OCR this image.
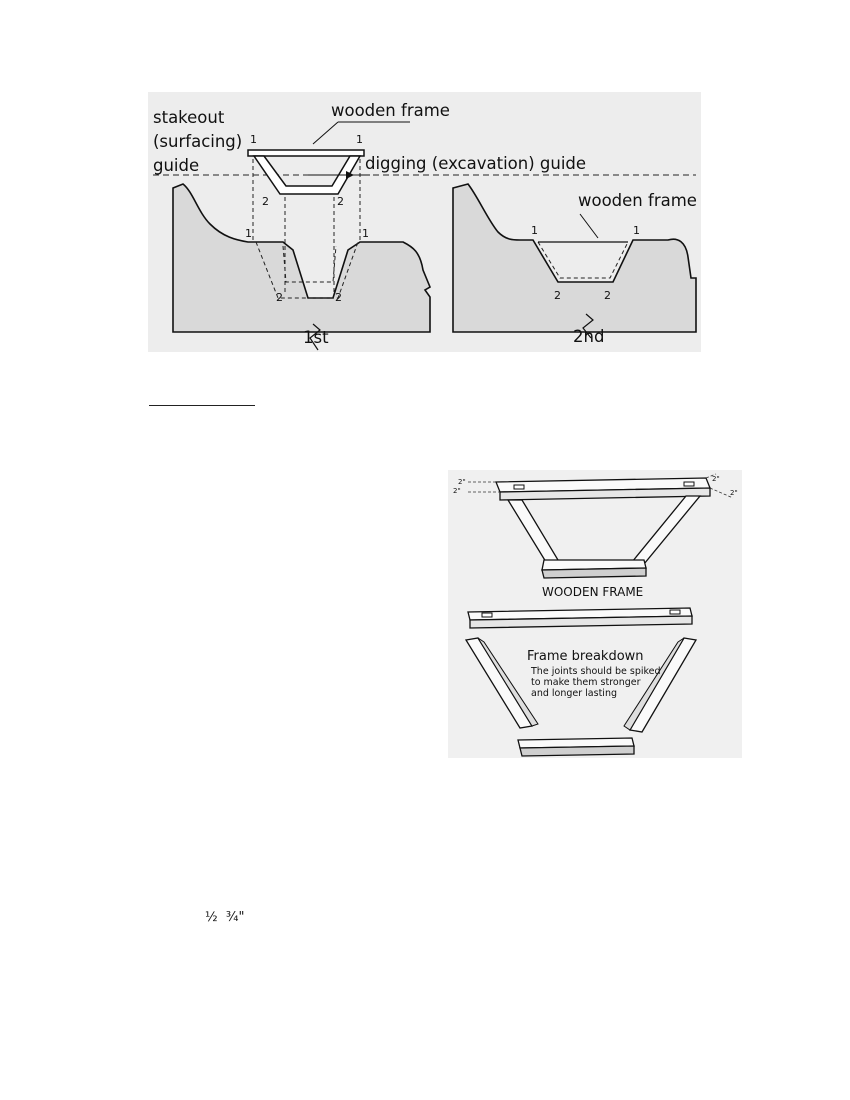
stakeout
(surfacing)
guide
wooden frame
digging (excavation) guide
wooden frame
1st	2nd
1	1
2	2
1	1
2	2
1	1
2	2
WOODEN FRAME
Frame breakdown
The joints should be spiked
to make them stronger
and longer lasting
2"
2"	2"
2"
½  ¾"
